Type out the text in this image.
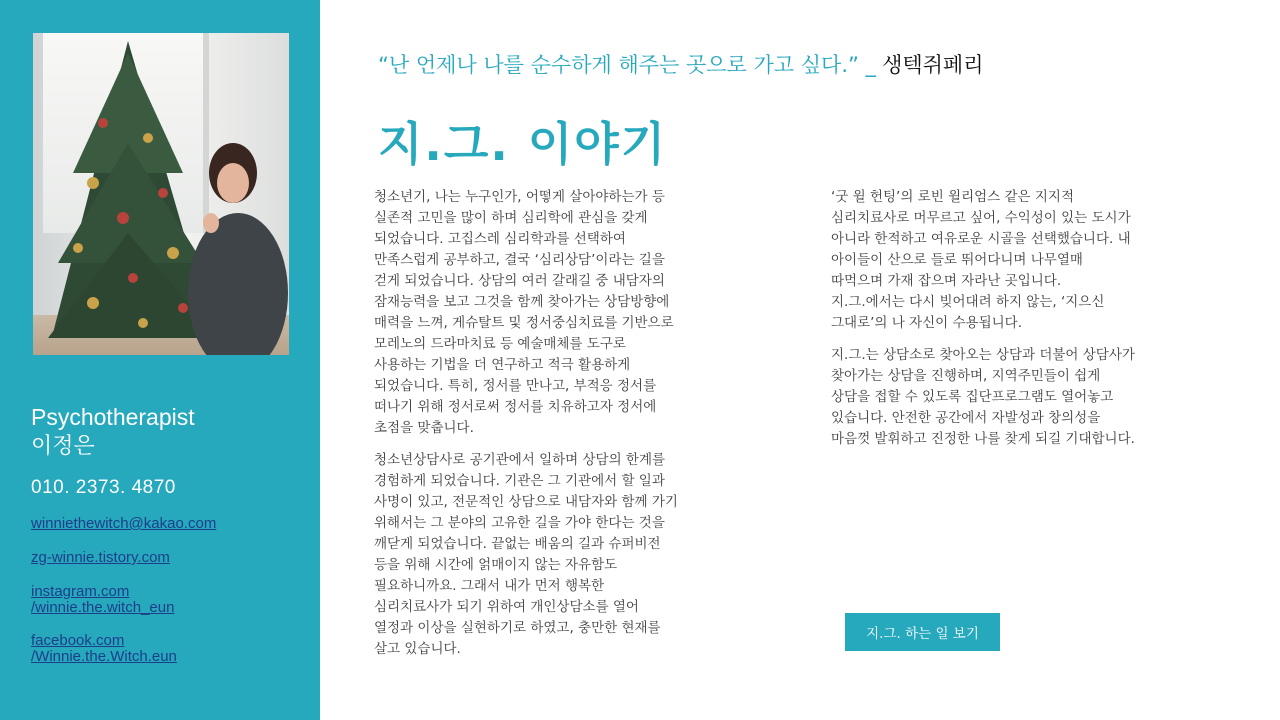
Psychotherapist
이정은
010. 2373. 4870
winniethewitch@kakao.com
zg-winnie.tistory.com
instagram.com
/winnie.the.witch_eun
facebook.com
/Winnie.the.Witch.eun
“난 언제나 나를 순수하게 해주는 곳으로 가고 싶다.” _ 생텍쥐페리
지.그. 이야기

청소년기, 나는 누구인가, 어떻게 살아야하는가 등
실존적 고민을 많이 하며 심리학에 관심을 갖게
되었습니다. 고집스레 심리학과를 선택하여
만족스럽게 공부하고, 결국 ‘심리상담’이라는 길을
걷게 되었습니다. 상담의 여러 갈래길 중 내담자의
잠재능력을 보고 그것을 함께 찾아가는 상담방향에
매력을 느껴, 게슈탈트 및 정서중심치료를 기반으로
모레노의 드라마치료 등 예술매체를 도구로
사용하는 기법을 더 연구하고 적극 활용하게
되었습니다. 특히, 정서를 만나고, 부적응 정서를
떠나기 위해 정서로써 정서를 치유하고자 정서에
초점을 맞춥니다.

청소년상담사로 공기관에서 일하며 상담의 한계를
경험하게 되었습니다. 기관은 그 기관에서 할 일과
사명이 있고, 전문적인 상담으로 내담자와 함께 가기
위해서는 그 분야의 고유한 길을 가야 한다는 것을
깨닫게 되었습니다. 끝없는 배움의 길과 슈퍼비전
등을 위해 시간에 얽매이지 않는 자유함도
필요하니까요. 그래서 내가 먼저 행복한
심리치료사가 되기 위하여 개인상담소를 열어
열정과 이상을 실현하기로 하였고, 충만한 현재를
살고 있습니다.

‘굿 윌 헌팅’의 로빈 윌리엄스 같은 지지적
심리치료사로 머무르고 싶어, 수익성이 있는 도시가
아니라 한적하고 여유로운 시골을 선택했습니다. 내
아이들이 산으로 들로 뛰어다니며 나무열매
따먹으며 가재 잡으며 자라난 곳입니다.
지.그.에서는 다시 빚어대려 하지 않는, ‘지으신
그대로’의 나 자신이 수용됩니다.

지.그.는 상담소로 찾아오는 상담과 더불어 상담사가
찾아가는 상담을 진행하며, 지역주민들이 쉽게
상담을 접할 수 있도록 집단프로그램도 열어놓고
있습니다. 안전한 공간에서 자발성과 창의성을
마음껏 발휘하고 진정한 나를 찾게 되길 기대합니다.

지.그. 하는 일 보기
